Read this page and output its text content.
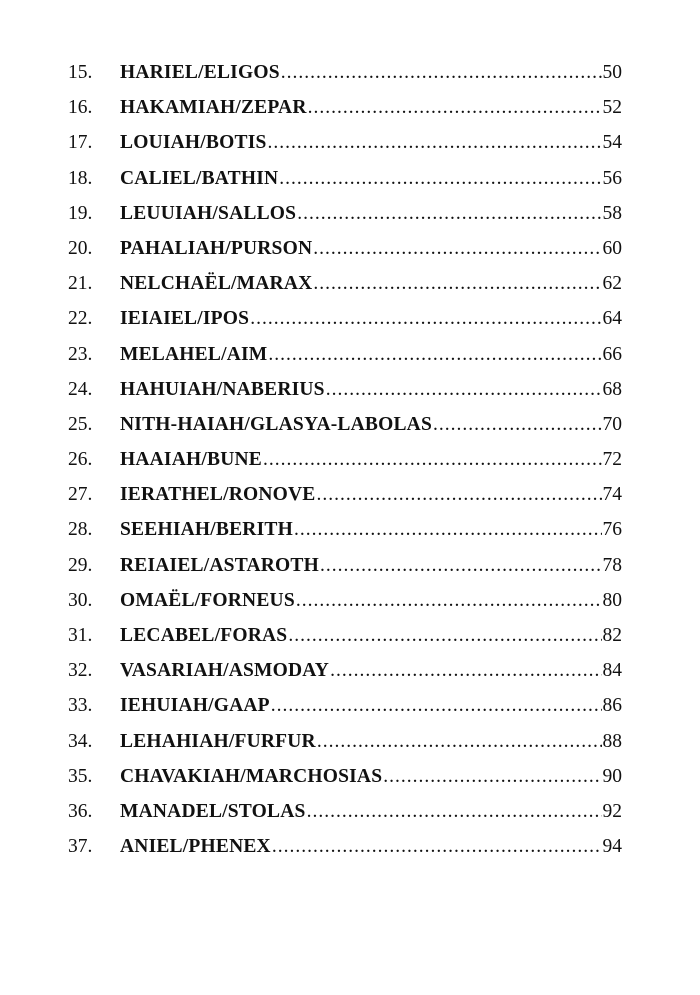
15.	HARIEL/ELIGOS .....	50
16.	HAKAMIAH/ZEPAR .....	52
17.	LOUIAH/BOTIS .....	54
18.	CALIEL/BATHIN .....	56
19.	LEUUIAH/SALLOS .....	58
20.	PAHALIAH/PURSON .....	60
21.	NELCHAËL/MARAX .....	62
22.	IEIAIEL/IPOS .....	64
23.	MELAHEL/AIM .....	66
24.	HAHUIAH/NABERIUS .....	68
25.	NITH-HAIAH/GLASYA-LABOLAS .....	70
26.	HAAIAH/BUNE .....	72
27.	IERATHEL/RONOVE .....	74
28.	SEEHIAH/BERITH .....	76
29.	REIAIEL/ASTAROTH .....	78
30.	OMAËL/FORNEUS .....	80
31.	LECABEL/FORAS .....	82
32.	VASARIAH/ASMODAY .....	84
33.	IEHUIAH/GAAP .....	86
34.	LEHAHIAH/FURFUR .....	88
35.	CHAVAKIAH/MARCHOSIAS .....	90
36.	MANADEL/STOLAS .....	92
37.	ANIEL/PHENEX .....	94
